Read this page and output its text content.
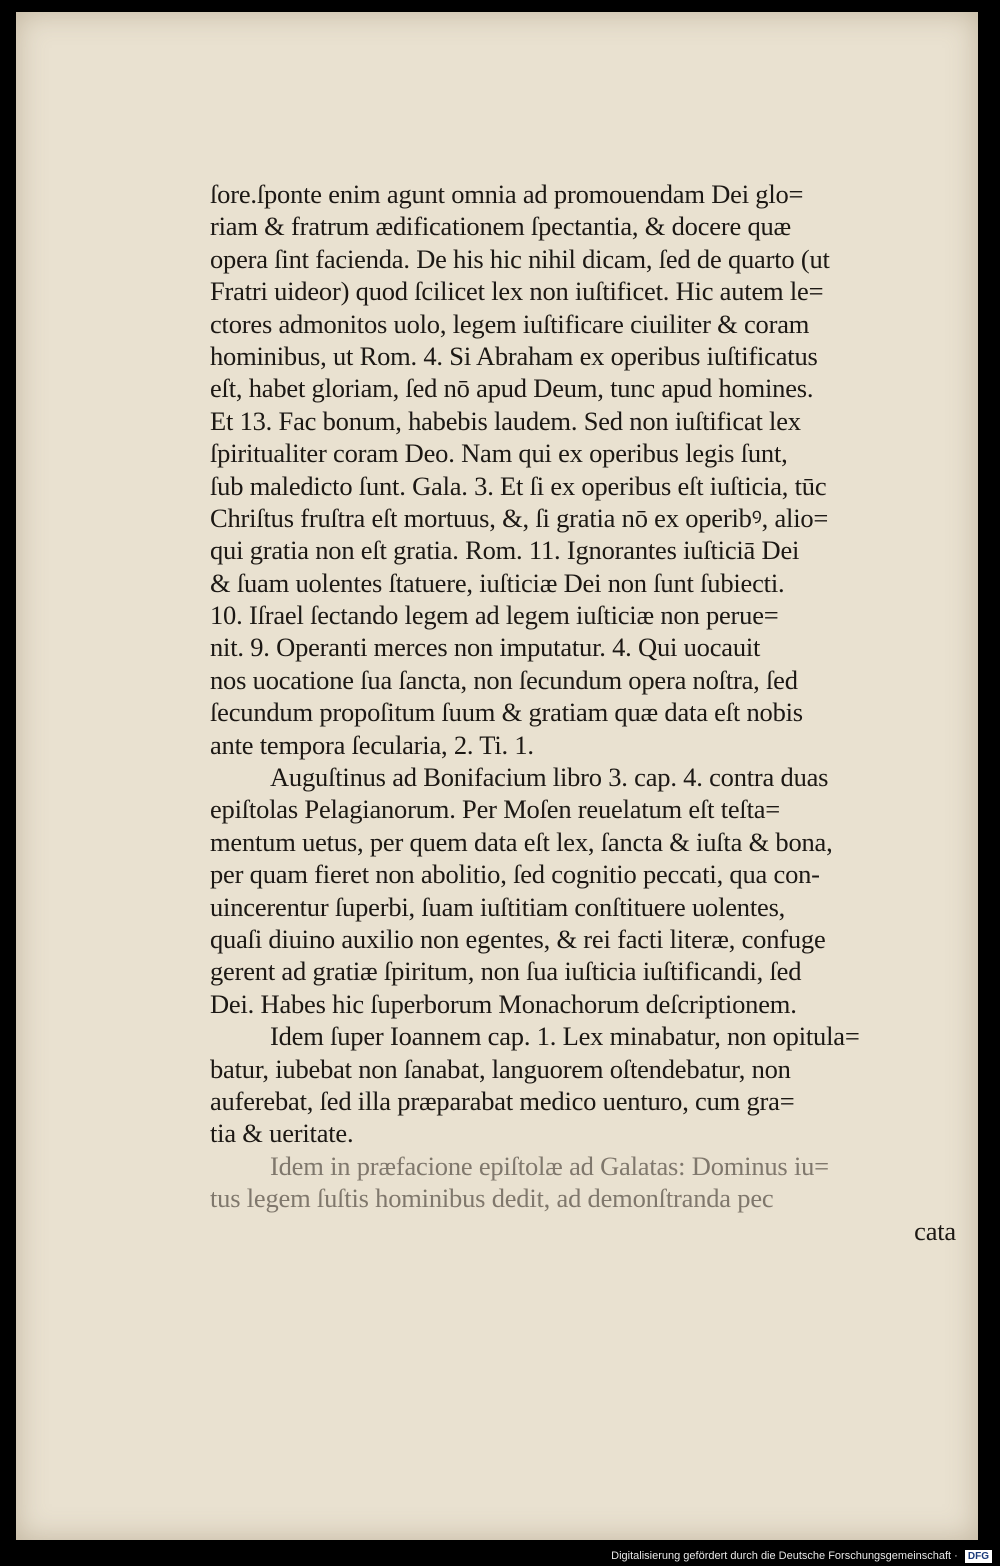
ſore.ſponte enim agunt omnia ad promouendam Dei glo=
riam & fratrum ædificationem ſpectantia, & docere quæ
opera ſint facienda. De his hic nihil dicam, ſed de quarto (ut
Fratri uideor) quod ſcilicet lex non iuſtificet. Hic autem le=
ctores admonitos uolo, legem iuſtificare ciuiliter & coram
hominibus, ut Rom. 4. Si Abraham ex operibus iuſtificatus
eſt, habet gloriam, ſed nō apud Deum, tunc apud homines.
Et 13. Fac bonum, habebis laudem. Sed non iuſtificat lex
ſpiritualiter coram Deo. Nam qui ex operibus legis ſunt,
ſub maledicto ſunt. Gala. 3. Et ſi ex operibus eſt iuſticia, tūc
Chriſtus fruſtra eſt mortuus, &, ſi gratia nō ex operibꝰ, alio=
qui gratia non eſt gratia. Rom. 11. Ignorantes iuſticiā Dei
& ſuam uolentes ſtatuere, iuſticiæ Dei non ſunt ſubiecti.
10. Iſrael ſectando legem ad legem iuſticiæ non perue=
nit. 9. Operanti merces non imputatur. 4. Qui uocauit
nos uocatione ſua ſancta, non ſecundum opera noſtra, ſed
ſecundum propoſitum ſuum & gratiam quæ data eſt nobis
ante tempora ſecularia, 2. Ti. 1.
Auguſtinus ad Bonifacium libro 3. cap. 4. contra duas
epiſtolas Pelagianorum. Per Moſen reuelatum eſt teſta=
mentum uetus, per quem data eſt lex, ſancta & iuſta & bona,
per quam fieret non abolitio, ſed cognitio peccati, qua con-
uincerentur ſuperbi, ſuam iuſtitiam conſtituere uolentes,
quaſi diuino auxilio non egentes, & rei facti literæ, confuge
gerent ad gratiæ ſpiritum, non ſua iuſticia iuſtificandi, ſed
Dei. Habes hic ſuperborum Monachorum deſcriptionem.
Idem ſuper Ioannem cap. 1. Lex minabatur, non opitula=
batur, iubebat non ſanabat, languorem oſtendebatur, non
auferebat, ſed illa præparabat medico uenturo, cum gra=
tia & ueritate.
Idem in præfacione epiſtolæ ad Galatas: Dominus iu=
tus legem ſuſtis hominibus dedit, ad demonſtranda pec
cata
Digitalisierung gefördert durch die Deutsche Forschungsgemeinschaft · DFG
